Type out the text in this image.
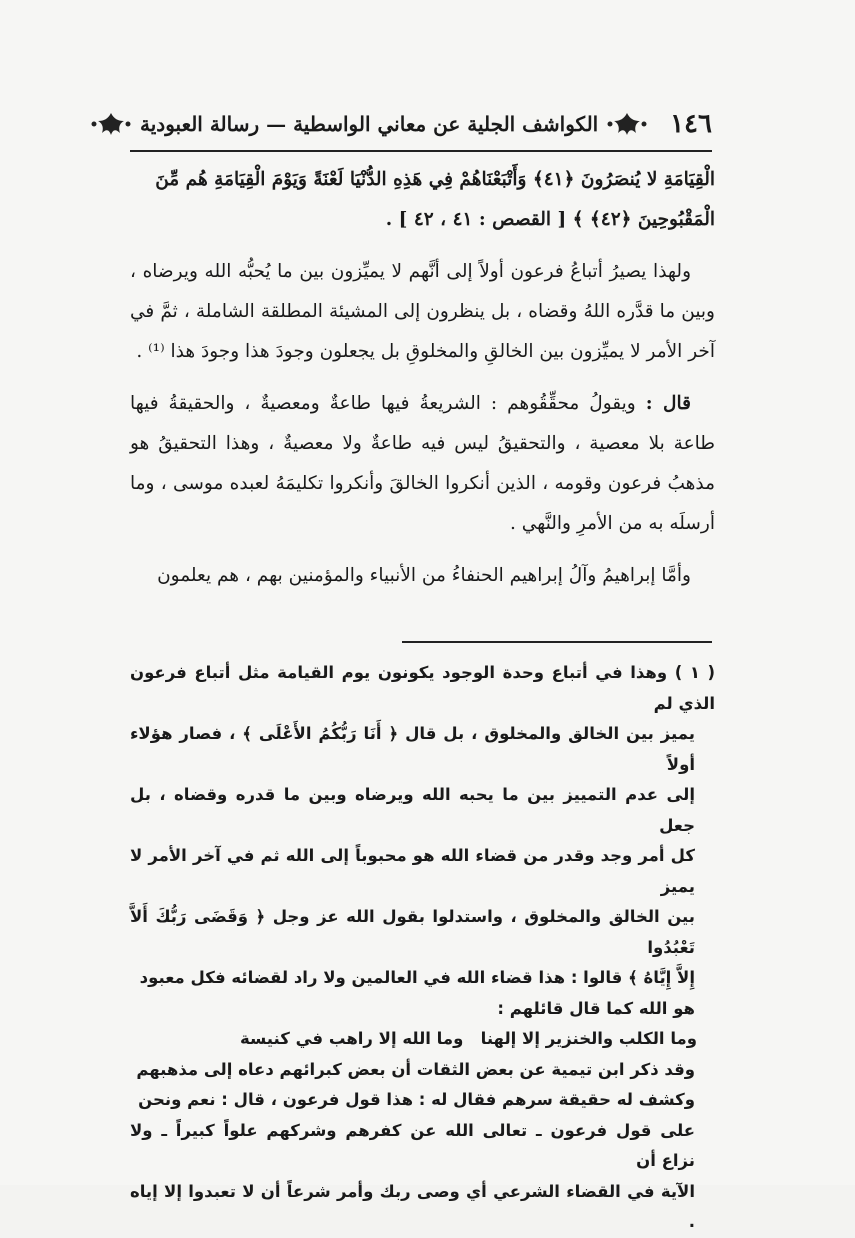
١٤٦
الكواشف الجلية عن معاني الواسطية — رسالة العبودية

الْقِيَامَةِ لا يُنصَرُونَ ﴿٤١﴾ وَأَتْبَعْنَاهُمْ فِي هَذِهِ الدُّنْيَا لَعْنَةً وَيَوْمَ الْقِيَامَةِ هُم مِّنَ
الْمَقْبُوحِينَ ﴿٤٢﴾ ﴾ [ القصص : ٤١ ، ٤٢ ] .

ولهذا يصيرُ أتباعُ فرعون أولاً إلى أنَّهم لا يميِّزون بين ما يُحبُّه الله ويرضاه ، وبين ما قدَّره اللهُ وقضاه ، بل ينظرون إلى المشيئة المطلقة الشاملة ، ثمَّ في آخر الأمر لا يميِّزون بين الخالقِ والمخلوقِ بل يجعلون وجودَ هذا وجودَ هذا ⁽¹⁾ .

قال : ويقولُ محقِّقُوهم : الشريعةُ فيها طاعةٌ ومعصيةٌ ، والحقيقةُ فيها طاعة بلا معصية ، والتحقيقُ ليس فيه طاعةٌ ولا معصيةٌ ، وهذا التحقيقُ هو مذهبُ فرعون وقومه ، الذين أنكروا الخالقَ وأنكروا تكليمَهُ لعبده موسى ، وما أرسلَه به من الأمرِ والنَّهي .

وأمَّا إبراهيمُ وآلُ إبراهيم الحنفاءُ من الأنبياء والمؤمنين بهم ، هم يعلمون

( ١ ) وهذا في أتباع وحدة الوجود يكونون يوم القيامة مثل أتباع فرعون الذي لم

يميز بين الخالق والمخلوق ، بل قال ﴿ أَنَا رَبُّكُمُ الأَعْلَى ﴾ ، فصار هؤلاء أولاً

إلى عدم التمييز بين ما يحبه الله ويرضاه وبين ما قدره وقضاه ، بل جعل

كل أمر وجد وقدر من قضاء الله هو محبوباً إلى الله ثم في آخر الأمر لا يميز

بين الخالق والمخلوق ، واستدلوا بقول الله عز وجل ﴿ وَقَضَى رَبُّكَ أَلاَّ تَعْبُدُوا

إِلاَّ إِيَّاهُ ﴾ قالوا : هذا قضاء الله في العالمين ولا راد لقضائه فكل معبود

هو الله كما قال قائلهم :

وما الكلب والخنزير إلا إلهنا
وما الله إلا راهب في كنيسة

وقد ذكر ابن تيمية عن بعض الثقات أن بعض كبرائهم دعاه إلى مذهبهم

وكشف له حقيقة سرهم فقال له : هذا قول فرعون ، قال : نعم ونحن

على قول فرعون ـ تعالى الله عن كفرهم وشركهم علواً كبيراً ـ ولا نزاع أن

الآية في القضاء الشرعي أي وصى ربك وأمر شرعاً أن لا تعبدوا إلا إياه .
